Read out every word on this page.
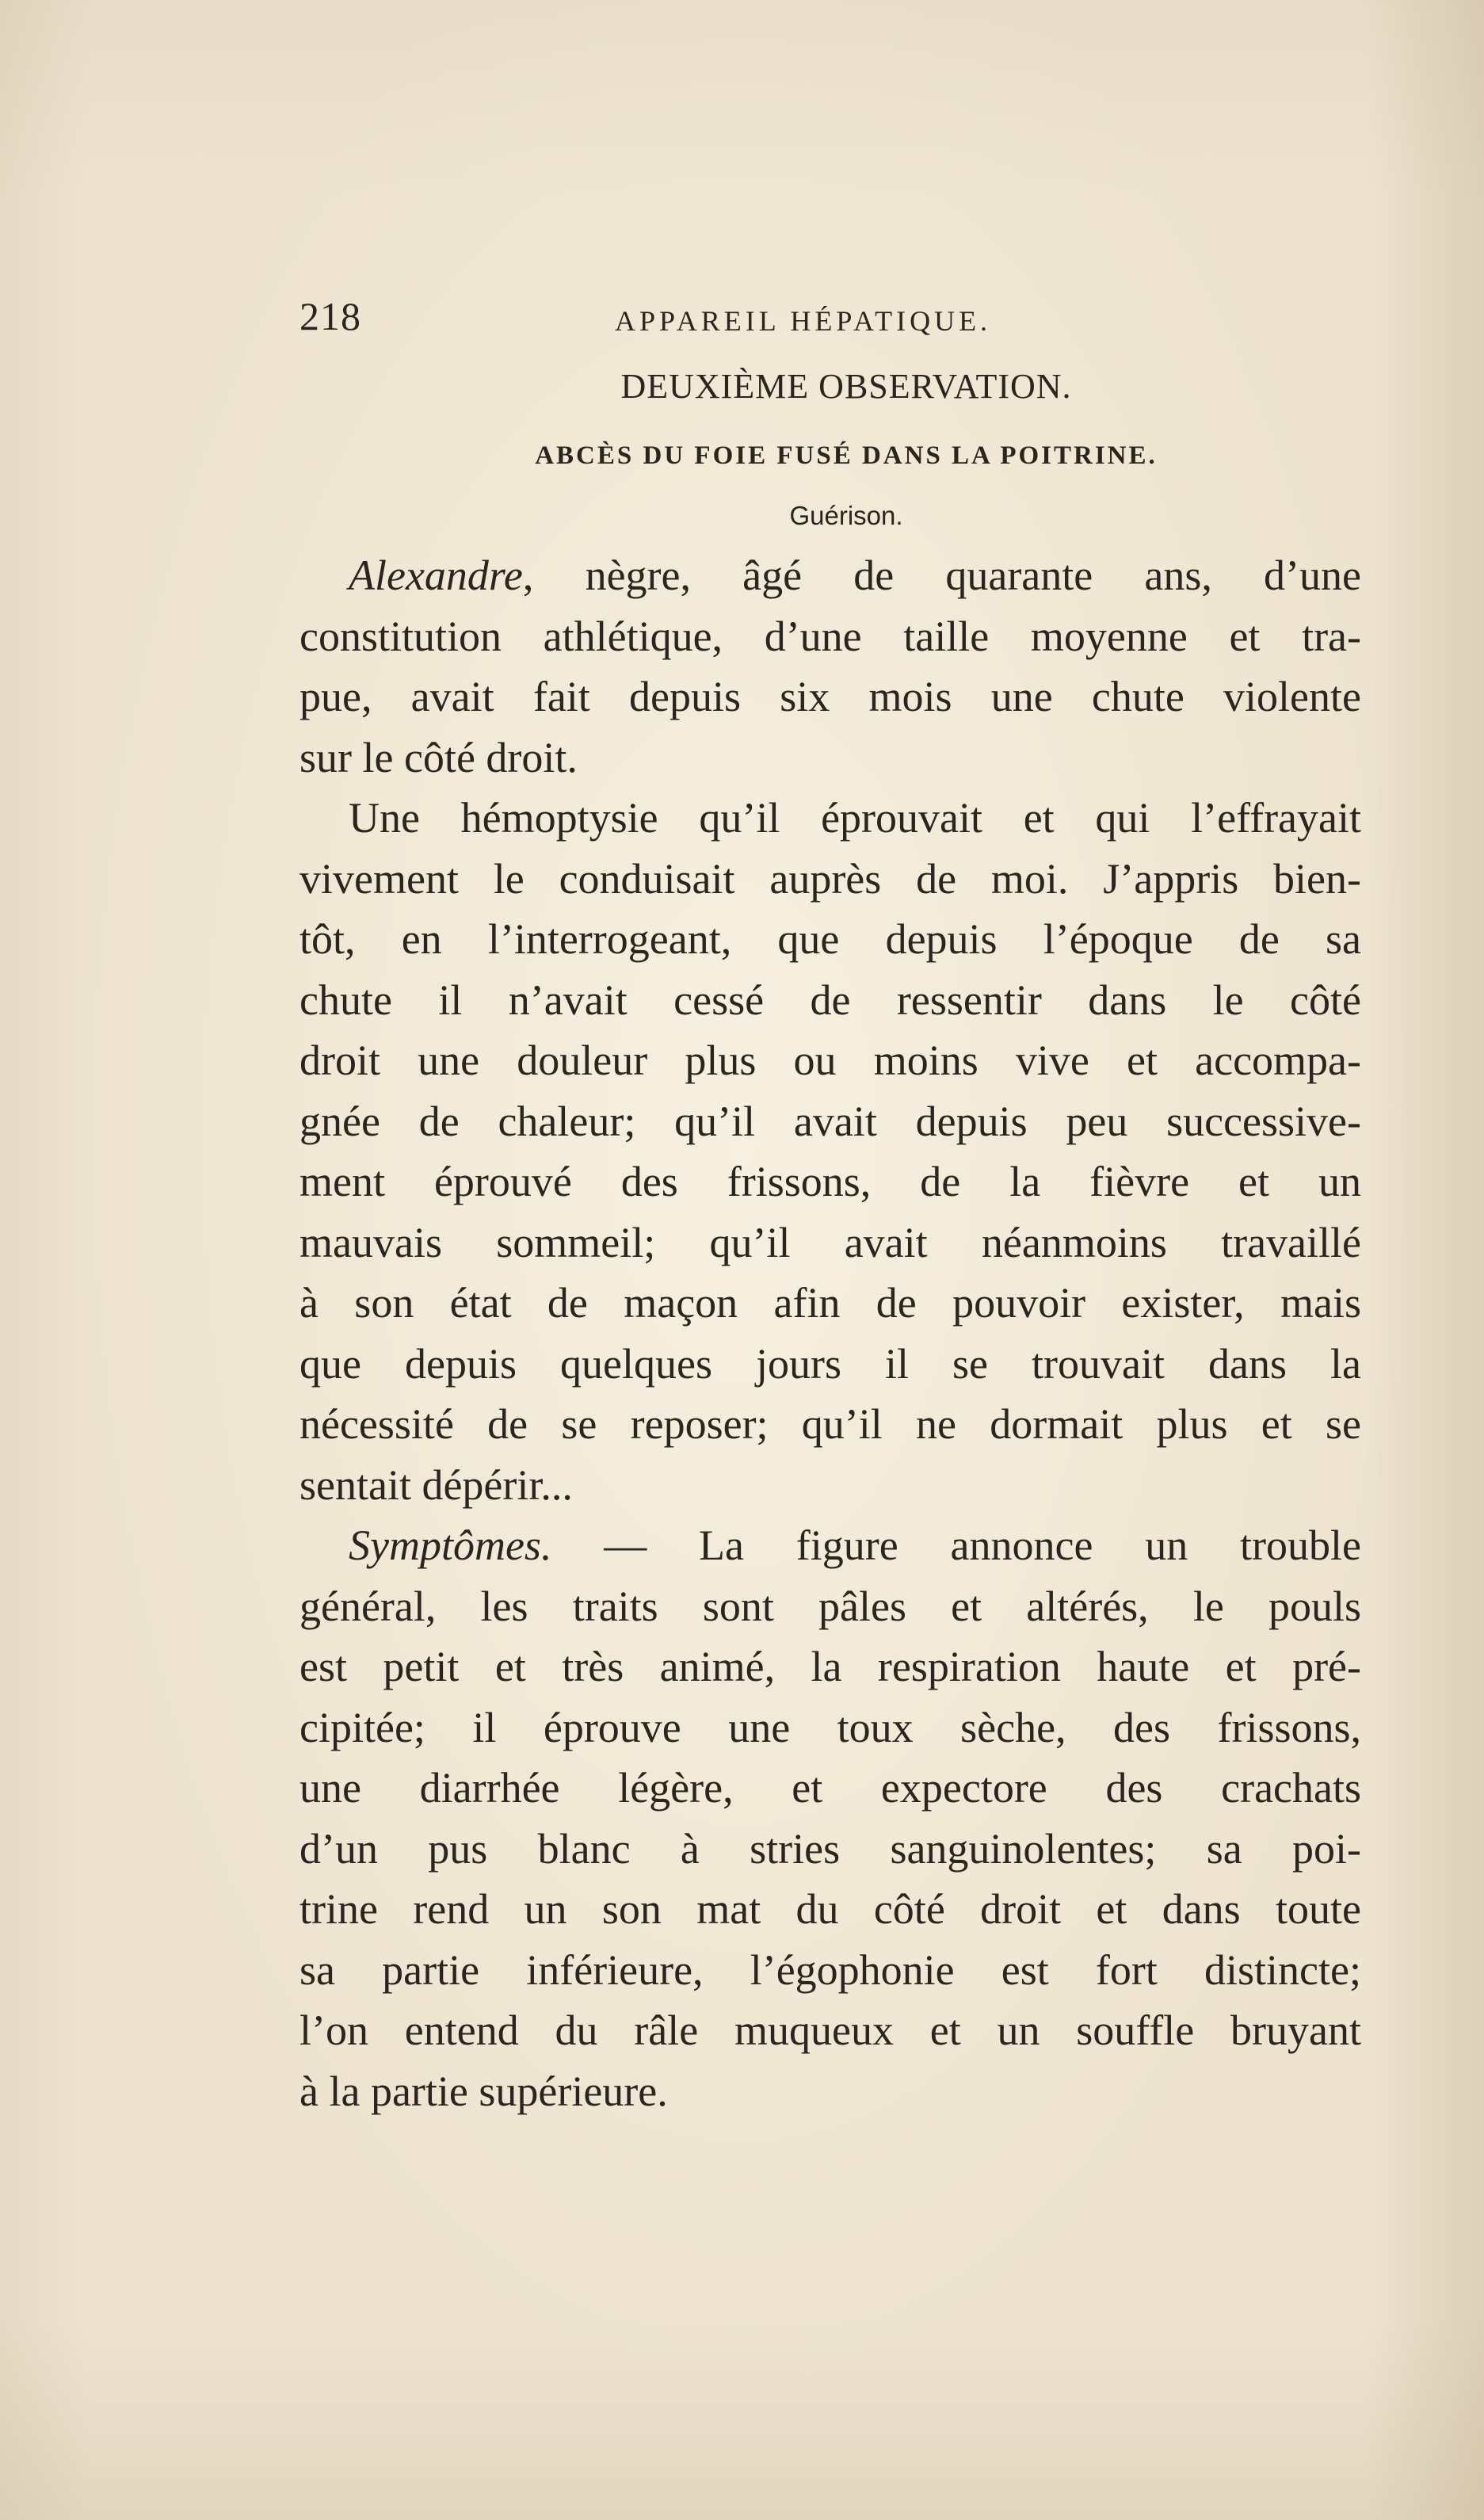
218	APPAREIL HÉPATIQUE.
DEUXIÈME OBSERVATION.
ABCÈS DU FOIE FUSÉ DANS LA POITRINE.
Guérison.
Alexandre, nègre, âgé de quarante ans, d’une
constitution athlétique, d’une taille moyenne et tra-
pue, avait fait depuis six mois une chute violente
sur le côté droit.
Une hémoptysie qu’il éprouvait et qui l’effrayait
vivement le conduisait auprès de moi. J’appris bien-
tôt, en l’interrogeant, que depuis l’époque de sa
chute il n’avait cessé de ressentir dans le côté
droit une douleur plus ou moins vive et accompa-
gnée de chaleur; qu’il avait depuis peu successive-
ment éprouvé des frissons, de la fièvre et un
mauvais sommeil; qu’il avait néanmoins travaillé
à son état de maçon afin de pouvoir exister, mais
que depuis quelques jours il se trouvait dans la
nécessité de se reposer; qu’il ne dormait plus et se
sentait dépérir...
Symptômes. — La figure annonce un trouble
général, les traits sont pâles et altérés, le pouls
est petit et très animé, la respiration haute et pré-
cipitée; il éprouve une toux sèche, des frissons,
une diarrhée légère, et expectore des crachats
d’un pus blanc à stries sanguinolentes; sa poi-
trine rend un son mat du côté droit et dans toute
sa partie inférieure, l’égophonie est fort distincte;
l’on entend du râle muqueux et un souffle bruyant
à la partie supérieure.
